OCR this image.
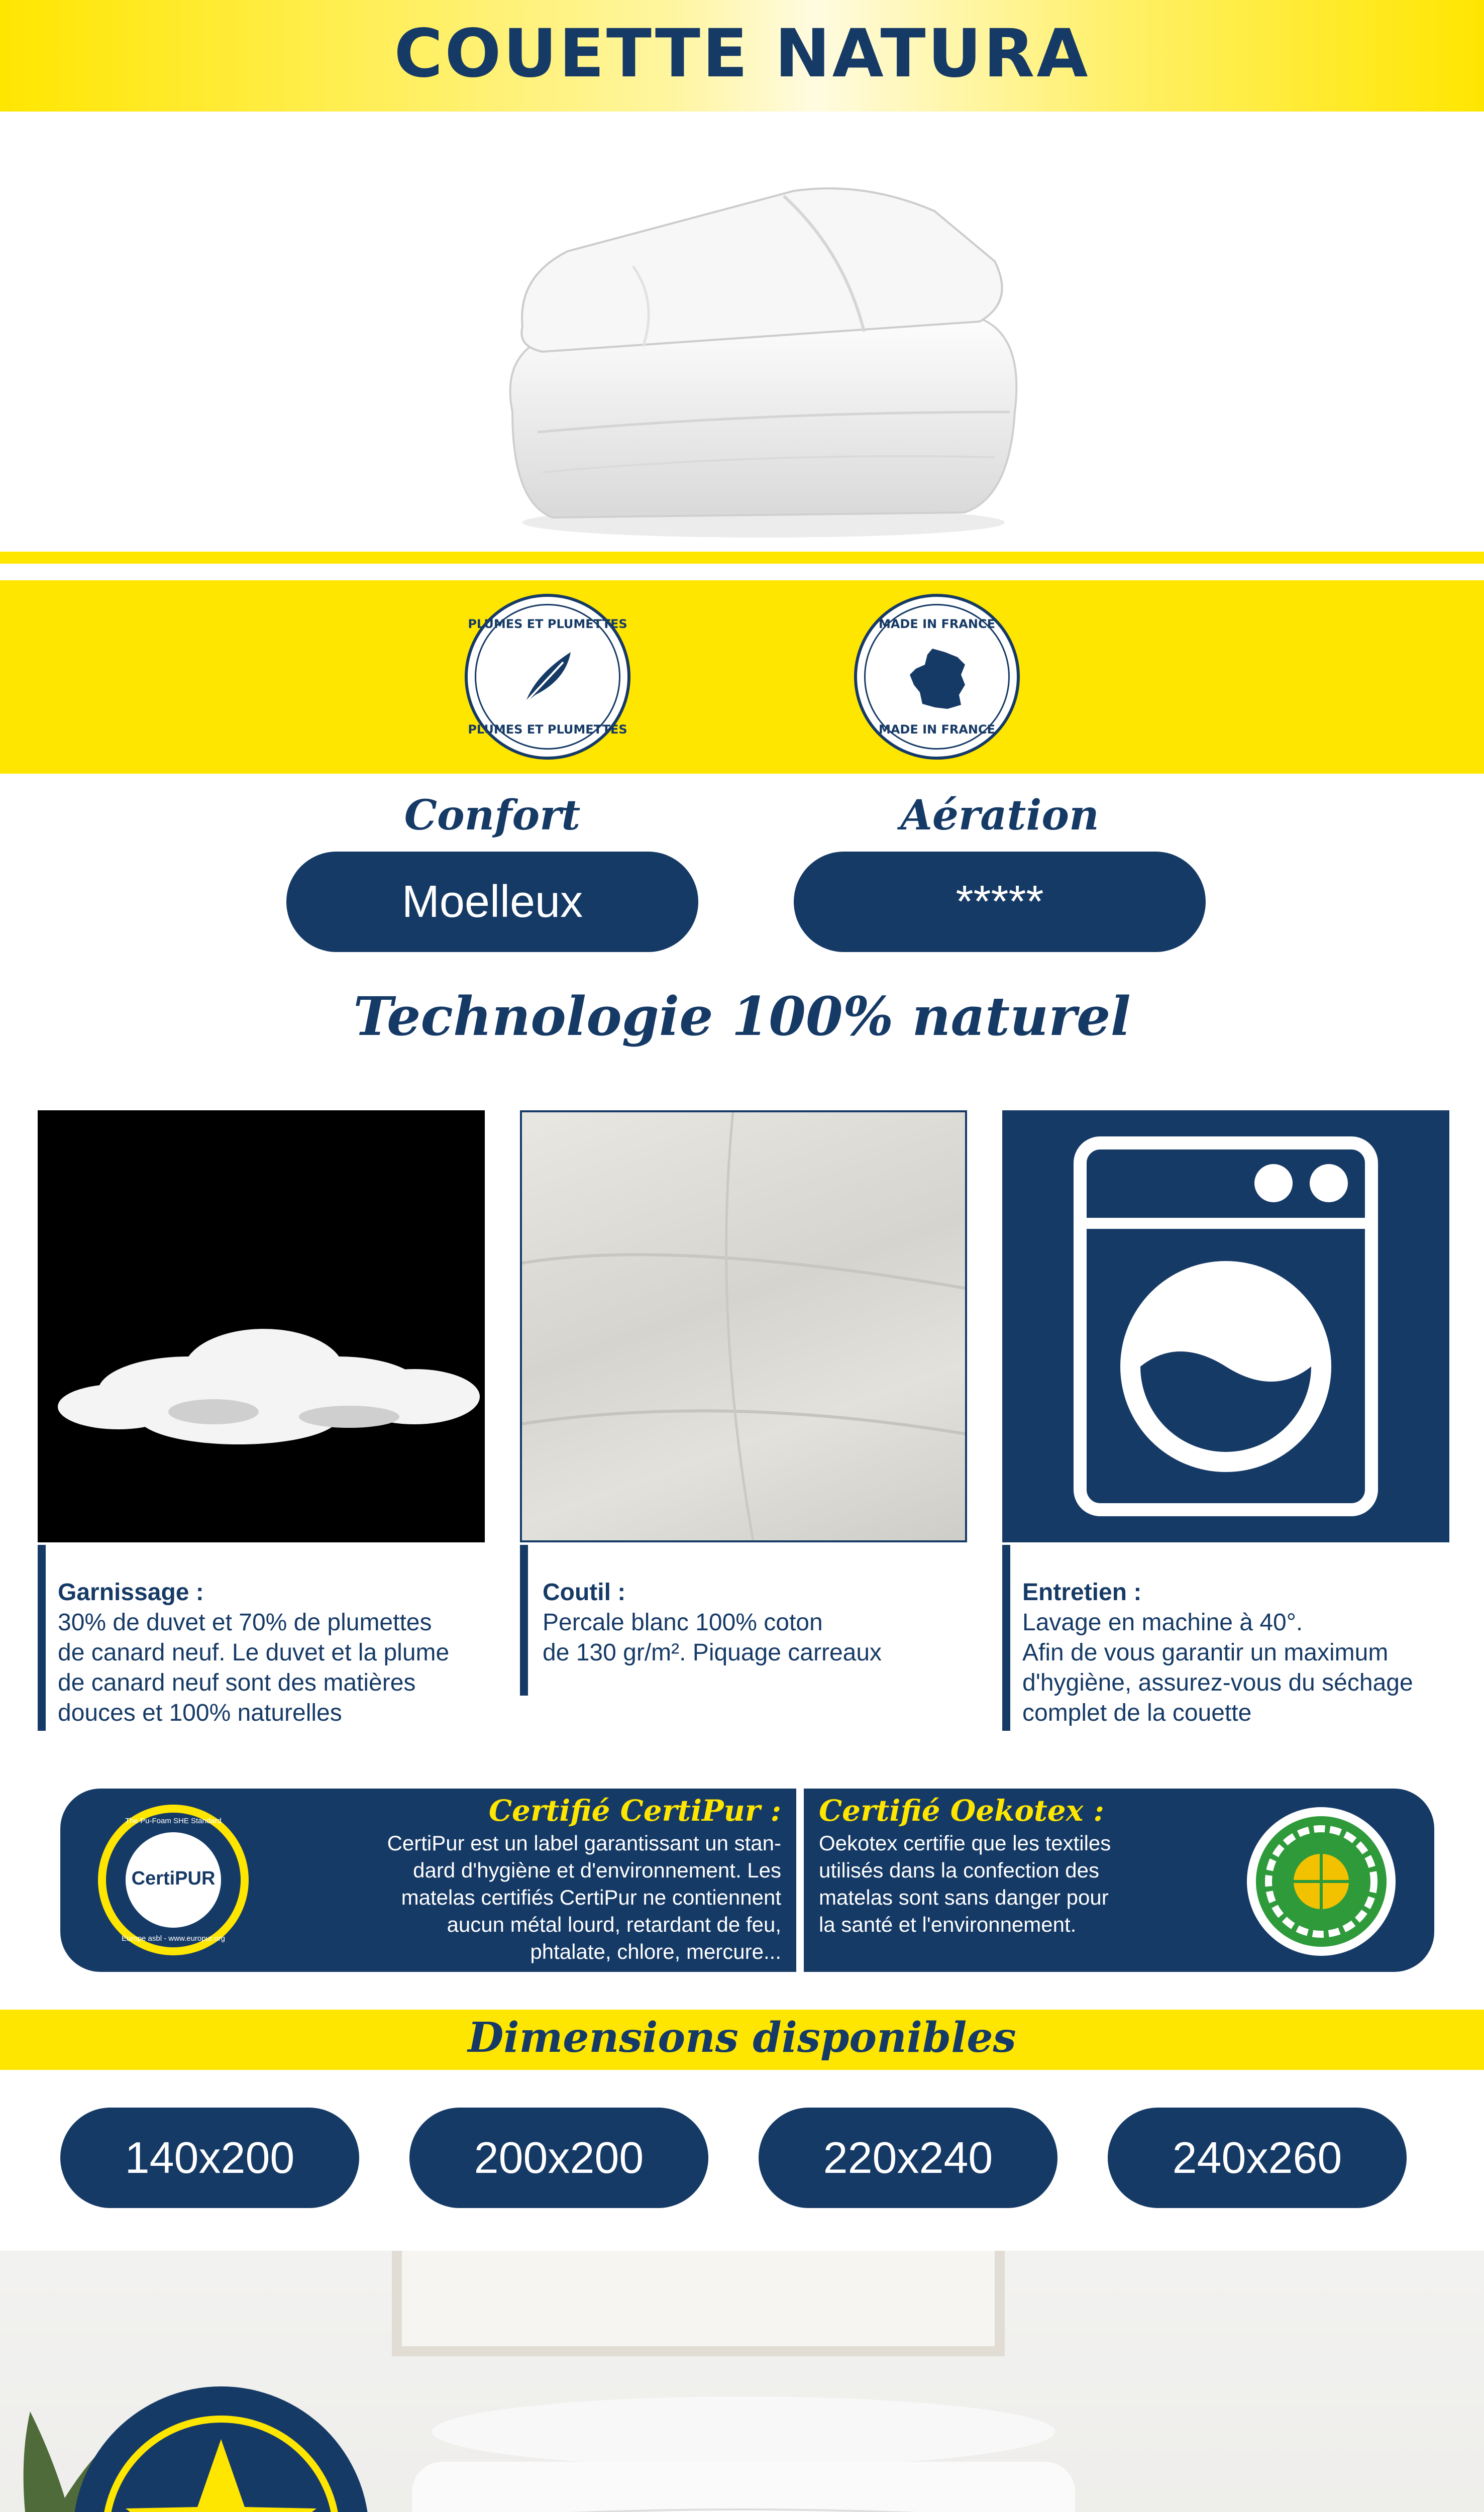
COUETTE NATURA
PLUMES ET PLUMETTES
PLUMES ET PLUMETTES
MADE IN FRANCE
MADE IN FRANCE
Confort
Moelleux
Aération
*****
Technologie 100% naturel
Garnissage :
30% de duvet et 70% de plumettes
de canard neuf. Le duvet et la plume
de canard neuf sont des matières
douces et 100% naturelles
Coutil :
Percale blanc 100% coton
de 130 gr/m². Piquage carreaux
Entretien :
Lavage en machine à 40°.
Afin de vous garantir un maximum
d'hygiène, assurez-vous du séchage
complet de la couette
CertiPUR
The Pu-Foam SHE Standard
Europe asbl - www.europur.org
Certifié CertiPur :
CertiPur est un label garantissant un stan-
dard d'hygiène et d'environnement. Les
matelas certifiés CertiPur ne contiennent
aucun métal lourd, retardant de feu,
phtalate, chlore, mercure...
Certifié Oekotex :
Oekotex certifie que les textiles
utilisés dans la confection des
matelas sont sans danger pour
la santé et l'environnement.
Dimensions disponibles
140x200	200x200	220x240	240x260
